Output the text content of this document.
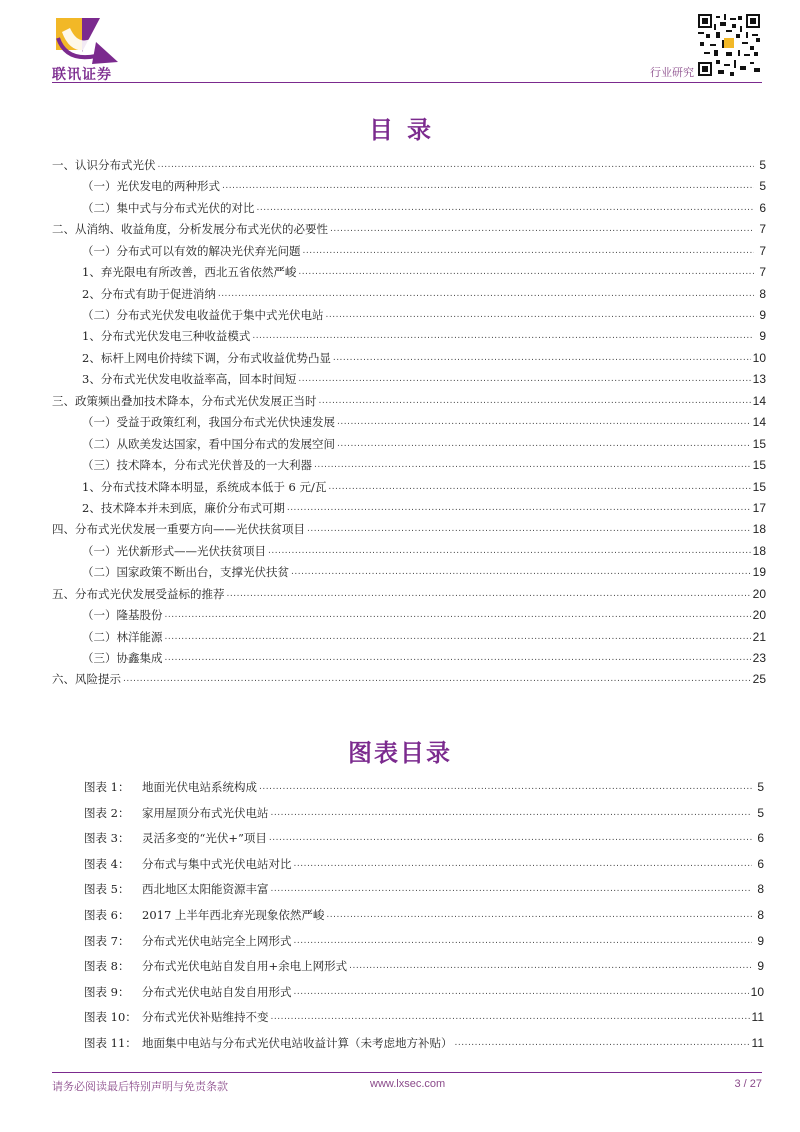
联讯证券	行业研究
目录
一、认识分布式光伏 .....	5
（一）光伏发电的两种形式 .....	5
（二）集中式与分布式光伏的对比 .....	6
二、从消纳、收益角度，分析发展分布式光伏的必要性 .....	7
（一）分布式可以有效的解决光伏弃光问题 .....	7
1、弃光限电有所改善，西北五省依然严峻 .....	7
2、分布式有助于促进消纳 .....	8
（二）分布式光伏发电收益优于集中式光伏电站 .....	9
1、分布式光伏发电三种收益模式 .....	9
2、标杆上网电价持续下调，分布式收益优势凸显 .....	10
3、分布式光伏发电收益率高，回本时间短 .....	13
三、政策频出叠加技术降本，分布式光伏发展正当时 .....	14
（一）受益于政策红利，我国分布式光伏快速发展 .....	14
（二）从欧美发达国家，看中国分布式的发展空间 .....	15
（三）技术降本，分布式光伏普及的一大利器 .....	15
1、分布式技术降本明显，系统成本低于 6 元/瓦 .....	15
2、技术降本并未到底，廉价分布式可期 .....	17
四、分布式光伏发展一重要方向——光伏扶贫项目 .....	18
（一）光伏新形式——光伏扶贫项目 .....	18
（二）国家政策不断出台，支撑光伏扶贫 .....	19
五、分布式光伏发展受益标的推荐 .....	20
（一）隆基股份 .....	20
（二）林洋能源 .....	21
（三）协鑫集成 .....	23
六、风险提示 .....	25
图表目录
图表 1：	地面光伏电站系统构成 .....	5
图表 2：	家用屋顶分布式光伏电站 .....	5
图表 3：	灵活多变的“光伏+”项目 .....	6
图表 4：	分布式与集中式光伏电站对比 .....	6
图表 5：	西北地区太阳能资源丰富 .....	8
图表 6：	2017 上半年西北弃光现象依然严峻 .....	8
图表 7：	分布式光伏电站完全上网形式 .....	9
图表 8：	分布式光伏电站自发自用+余电上网形式 .....	9
图表 9：	分布式光伏电站自发自用形式 .....	10
图表 10： 分布式光伏补贴维持不变 .....	11
图表 11： 地面集中电站与分布式光伏电站收益计算（未考虑地方补贴） .....	11
请务必阅读最后特别声明与免责条款	www.lxsec.com	3 / 27
